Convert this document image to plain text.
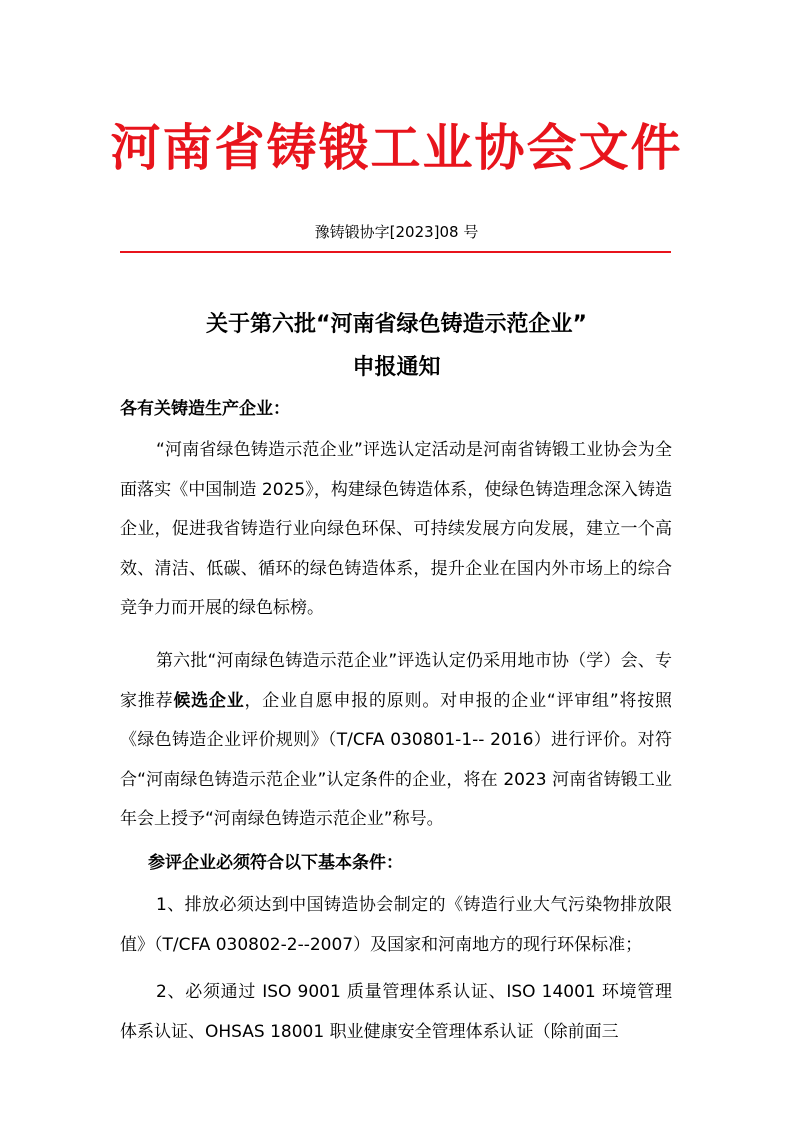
河南省铸锻工业协会文件
豫铸锻协字[2023]08 号
关于第六批“河南省绿色铸造示范企业”
申报通知
各有关铸造生产企业：
“河南省绿色铸造示范企业”评选认定活动是河南省铸锻工业协会为全面落实《中国制造 2025》，构建绿色铸造体系，使绿色铸造理念深入铸造企业，促进我省铸造行业向绿色环保、可持续发展方向发展，建立一个高效、清洁、低碳、循环的绿色铸造体系，提升企业在国内外市场上的综合竞争力而开展的绿色标榜。
第六批“河南绿色铸造示范企业”评选认定仍采用地市协（学）会、专家推荐候选企业，企业自愿申报的原则。对申报的企业“评审组”将按照《绿色铸造企业评价规则》（T/CFA 030801-1-- 2016）进行评价。对符合“河南绿色铸造示范企业”认定条件的企业，将在 2023 河南省铸锻工业年会上授予“河南绿色铸造示范企业”称号。
参评企业必须符合以下基本条件：
1、排放必须达到中国铸造协会制定的《铸造行业大气污染物排放限值》（T/CFA 030802-2--2007）及国家和河南地方的现行环保标准；
2、必须通过 ISO 9001 质量管理体系认证、ISO 14001 环境管理体系认证、OHSAS 18001 职业健康安全管理体系认证（除前面三
